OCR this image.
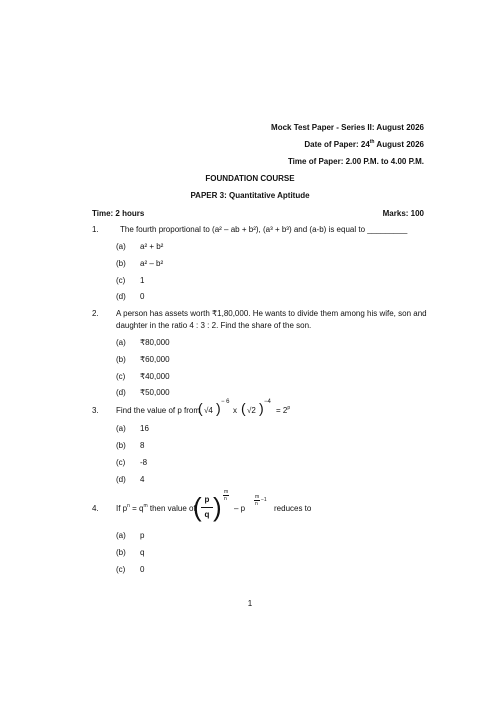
Mock Test Paper - Series II: August 2026
Date of Paper: 24th August 2026
Time of Paper: 2.00 P.M. to 4.00 P.M.
FOUNDATION COURSE
PAPER 3: Quantitative Aptitude
Time: 2 hours	Marks: 100
1.	The fourth proportional to (a² – ab + b²), (a³ + b³) and (a-b) is equal to _________
(a) a² + b²
(b) a² – b²
(c) 1
(d) 0
2. A person has assets worth ₹1,80,000. He wants to divide them among his wife, son and
daughter in the ratio 4 : 3 : 2. Find the share of the son.
(a) ₹80,000
(b) ₹60,000
(c) ₹40,000
(d) ₹50,000
3. Find the value of p from
( √4 ) − 6
x ( √2 ) −4
= $2^p$
(a) 16
(b) 8
(c) -8
(d) 4
4. If $p^n = q^m$ then value of
( p
q ) m
n
– p
m
n
−1
reduces to
(a) p
(b) q
(c) 0
1
